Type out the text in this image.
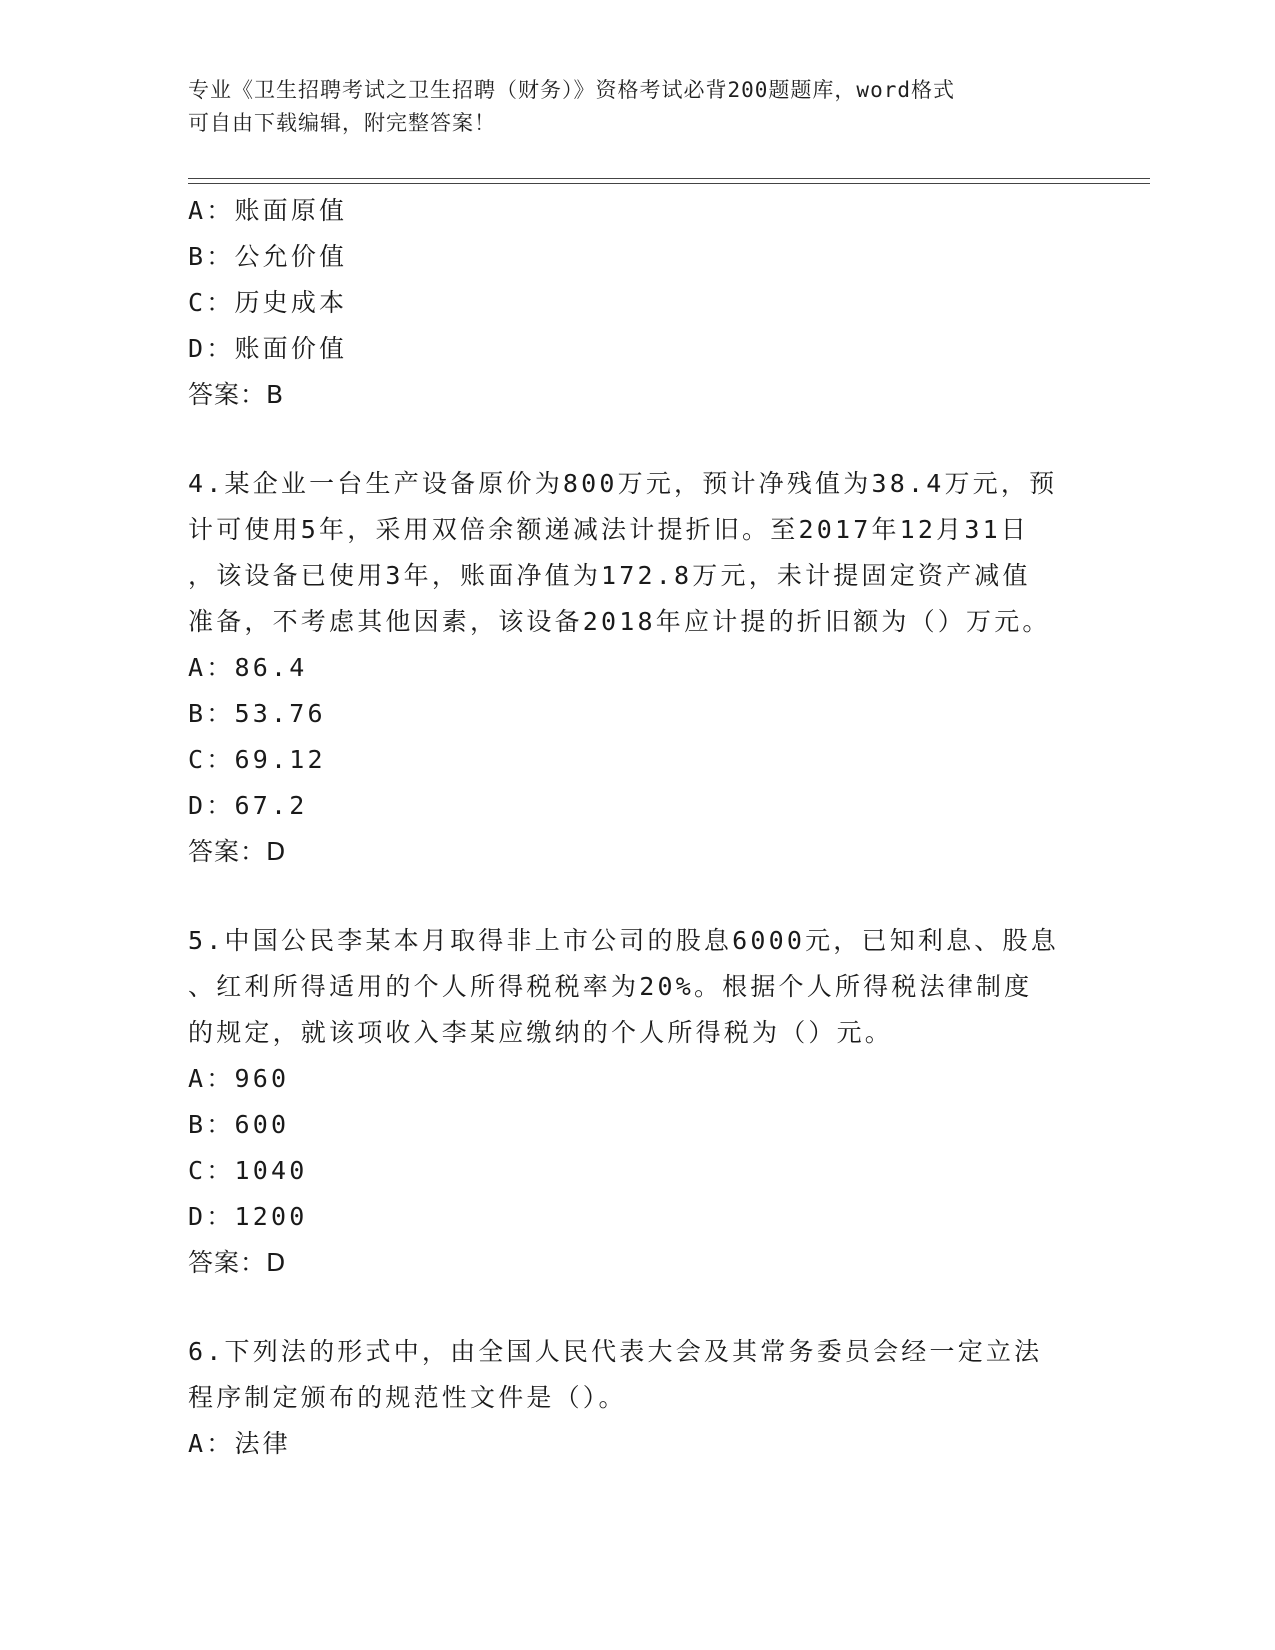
专业《卫生招聘考试之卫生招聘（财务）》资格考试必背200题题库，word格式
可自由下载编辑，附完整答案！
A：账面原值
B：公允价值
C：历史成本
D：账面价值
答案：B
4.某企业一台生产设备原价为800万元，预计净残值为38.4万元，预
计可使用5年，采用双倍余额递减法计提折旧。至2017年12月31日
，该设备已使用3年，账面净值为172.8万元，未计提固定资产减值
准备，不考虑其他因素，该设备2018年应计提的折旧额为（）万元。
A：86.4
B：53.76
C：69.12
D：67.2
答案：D
5.中国公民李某本月取得非上市公司的股息6000元，已知利息、股息
、红利所得适用的个人所得税税率为20%。根据个人所得税法律制度
的规定，就该项收入李某应缴纳的个人所得税为（）元。
A：960
B：600
C：1040
D：1200
答案：D
6.下列法的形式中，由全国人民代表大会及其常务委员会经一定立法
程序制定颁布的规范性文件是（）。
A：法律
